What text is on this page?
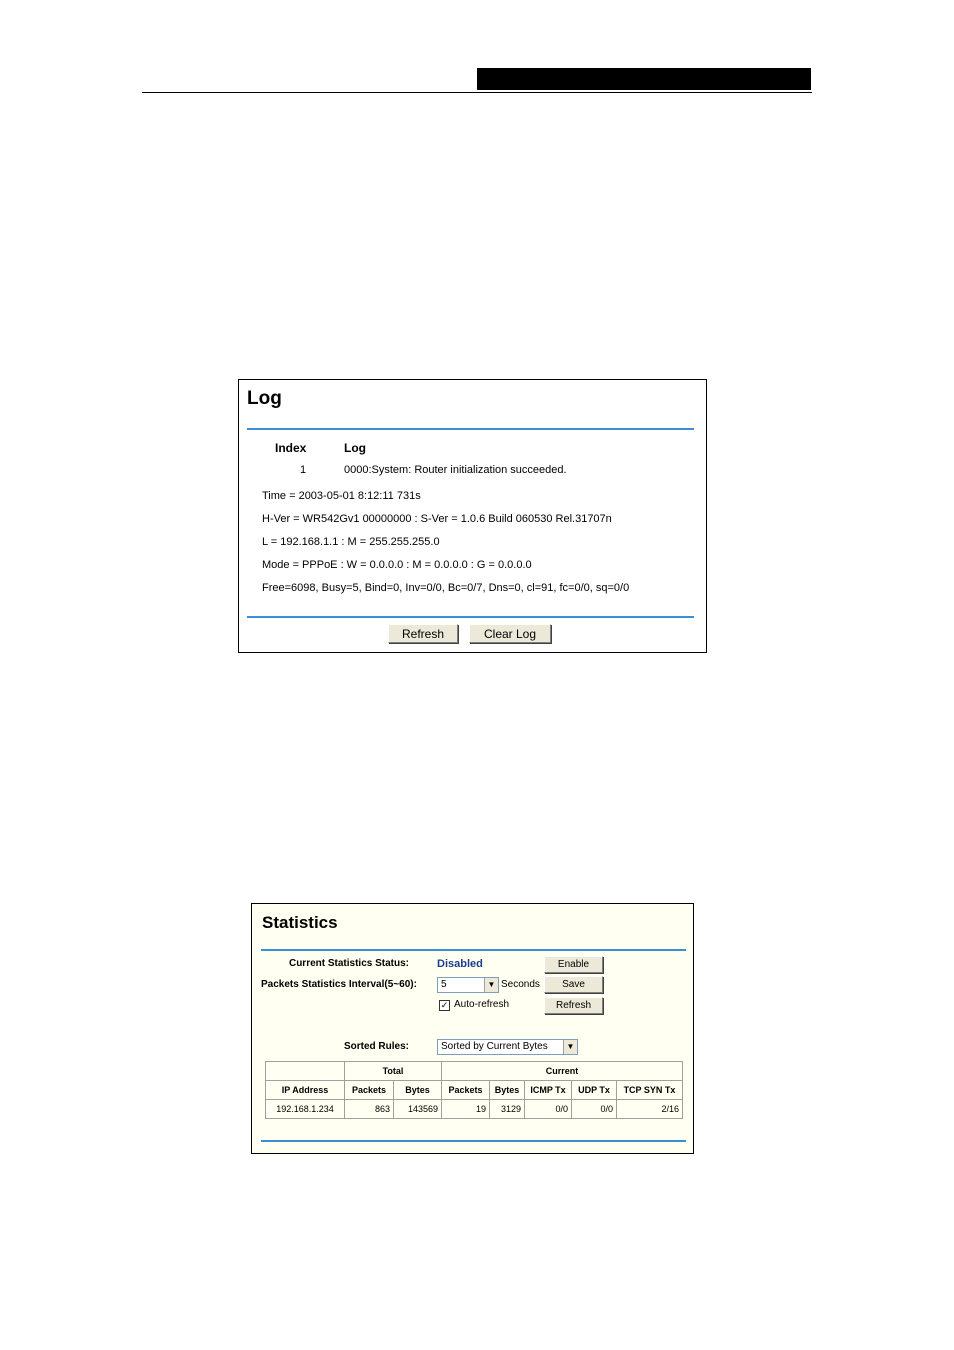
Log
Index	Log
1	0000:System: Router initialization succeeded.
Time = 2003-05-01 8:12:11 731s
H-Ver = WR542Gv1 00000000 : S-Ver = 1.0.6 Build 060530 Rel.31707n
L = 192.168.1.1 : M = 255.255.255.0
Mode = PPPoE : W = 0.0.0.0 : M = 0.0.0.0 : G = 0.0.0.0
Free=6098, Busy=5, Bind=0, Inv=0/0, Bc=0/7, Dns=0, cl=91, fc=0/0, sq=0/0
Refresh	Clear Log
Statistics
Current Statistics Status:	Disabled	Enable
Packets Statistics Interval(5~60):	5	▼ Seconds	Save
✓ Auto-refresh	Refresh
Sorted Rules:	Sorted by Current Bytes	▼
	Total		Current				
IP Address	Packets	Bytes	Packets	Bytes	ICMP Tx	UDP Tx	TCP SYN Tx
192.168.1.234	863	143569	19	3129	0/0	0/0	2/16
